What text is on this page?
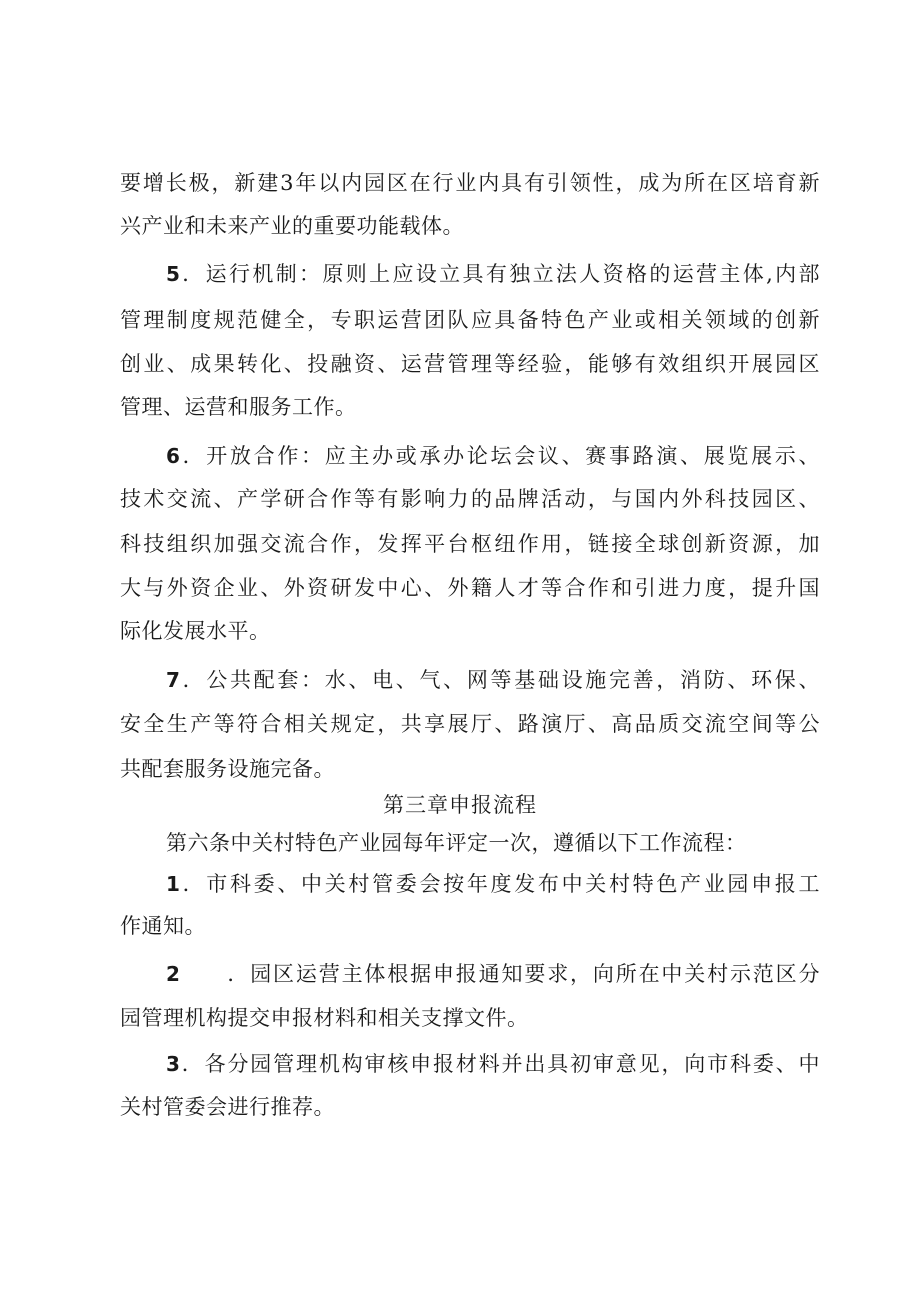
要增长极，新建3年以内园区在行业内具有引领性，成为所在区培育新
兴产业和未来产业的重要功能载体。
5．运行机制：原则上应设立具有独立法人资格的运营主体,内部
管理制度规范健全，专职运营团队应具备特色产业或相关领域的创新
创业、成果转化、投融资、运营管理等经验，能够有效组织开展园区
管理、运营和服务工作。
6．开放合作：应主办或承办论坛会议、赛事路演、展览展示、
技术交流、产学研合作等有影响力的品牌活动，与国内外科技园区、
科技组织加强交流合作，发挥平台枢纽作用，链接全球创新资源，加
大与外资企业、外资研发中心、外籍人才等合作和引进力度，提升国
际化发展水平。
7．公共配套：水、电、气、网等基础设施完善，消防、环保、
安全生产等符合相关规定，共享展厅、路演厅、高品质交流空间等公
共配套服务设施完备。
第三章申报流程
第六条中关村特色产业园每年评定一次，遵循以下工作流程：
1．市科委、中关村管委会按年度发布中关村特色产业园申报工
作通知。
2 ．园区运营主体根据申报通知要求，向所在中关村示范区分
园管理机构提交申报材料和相关支撑文件。
3．各分园管理机构审核申报材料并出具初审意见，向市科委、中
关村管委会进行推荐。
